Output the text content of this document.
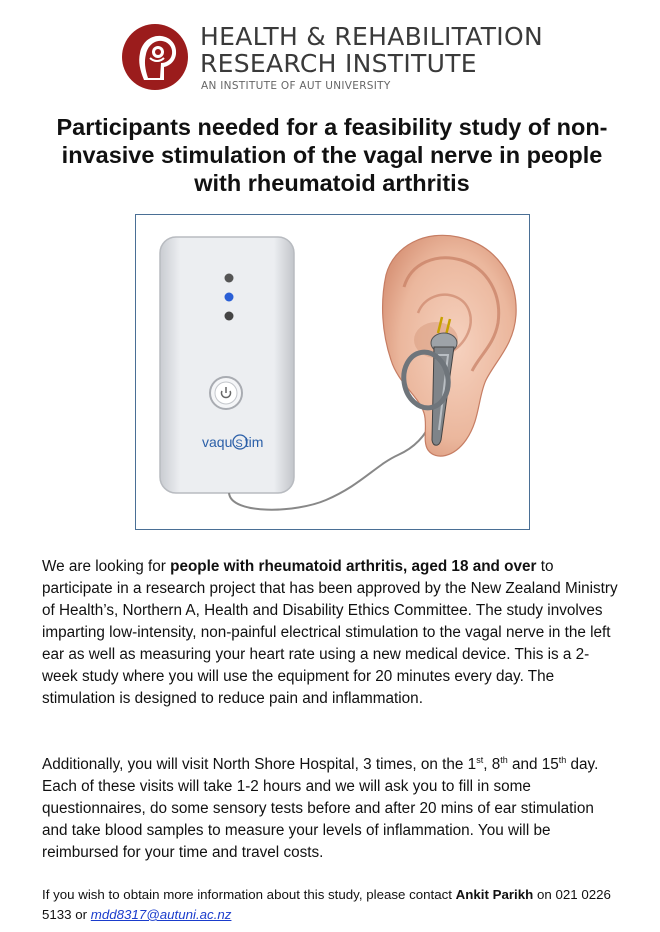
HEALTH & REHABILITATION
RESEARCH INSTITUTE
AN INSTITUTE OF AUT UNIVERSITY
Participants needed for a feasibility study of non-invasive stimulation of the vagal nerve in people with rheumatoid arthritis
vaqu S tim

We are looking for people with rheumatoid arthritis, aged 18 and over to participate in a research project that has been approved by the New Zealand Ministry of Health’s, Northern A, Health and Disability Ethics Committee. The study involves imparting low-intensity, non-painful electrical stimulation to the vagal nerve in the left ear as well as measuring your heart rate using a new medical device. This is a 2-week study where you will use the equipment for 20 minutes every day. The stimulation is designed to reduce pain and inflammation.

Additionally, you will visit North Shore Hospital, 3 times, on the 1st, 8th and 15th day. Each of these visits will take 1-2 hours and we will ask you to fill in some questionnaires, do some sensory tests before and after 20 mins of ear stimulation and take blood samples to measure your levels of inflammation. You will be reimbursed for your time and travel costs.

If you wish to obtain more information about this study, please contact Ankit Parikh on 021 0226 5133 or mdd8317@autuni.ac.nz
